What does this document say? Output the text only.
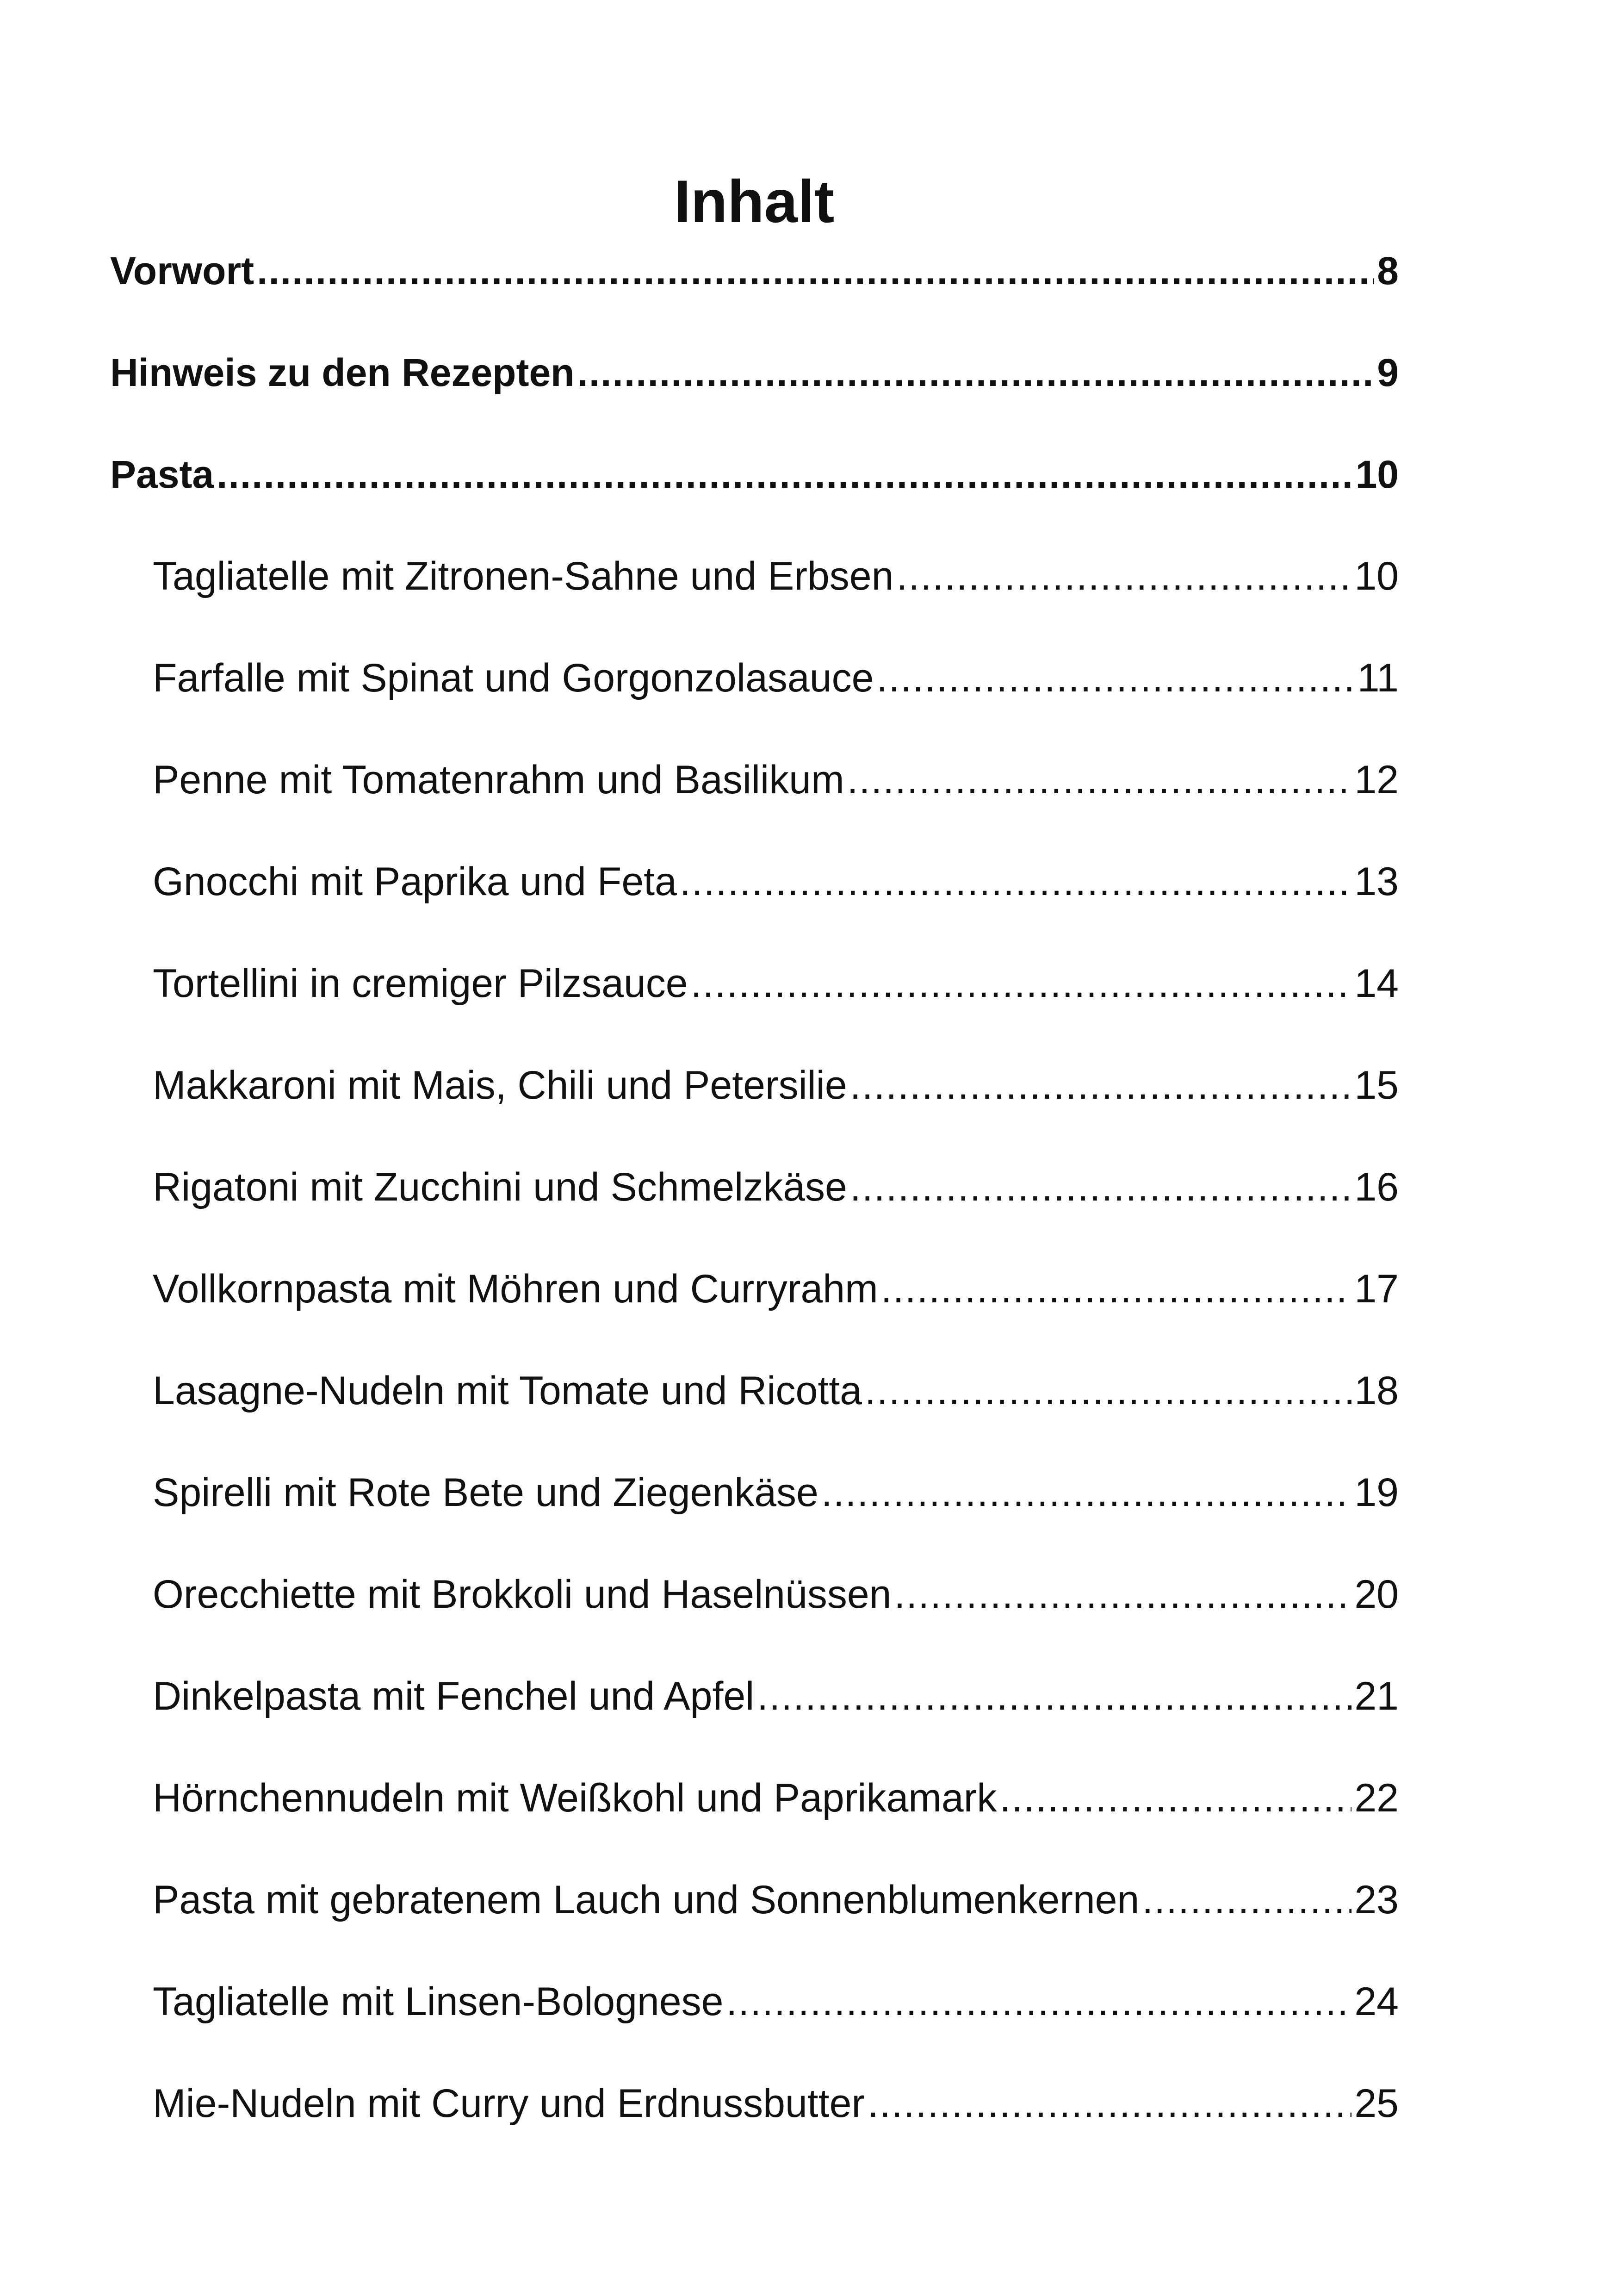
Inhalt
Vorwort .....	8
Hinweis zu den Rezepten .....	9
Pasta .....	10
Tagliatelle mit Zitronen-Sahne und Erbsen .....	10
Farfalle mit Spinat und Gorgonzolasauce .....	11
Penne mit Tomatenrahm und Basilikum .....	12
Gnocchi mit Paprika und Feta .....	13
Tortellini in cremiger Pilzsauce .....	14
Makkaroni mit Mais, Chili und Petersilie .....	15
Rigatoni mit Zucchini und Schmelzkäse .....	16
Vollkornpasta mit Möhren und Curryrahm .....	17
Lasagne-Nudeln mit Tomate und Ricotta .....	18
Spirelli mit Rote Bete und Ziegenkäse .....	19
Orecchiette mit Brokkoli und Haselnüssen .....	20
Dinkelpasta mit Fenchel und Apfel .....	21
Hörnchennudeln mit Weißkohl und Paprikamark .....	22
Pasta mit gebratenem Lauch und Sonnenblumenkernen .....	23
Tagliatelle mit Linsen-Bolognese .....	24
Mie-Nudeln mit Curry und Erdnussbutter .....	25
